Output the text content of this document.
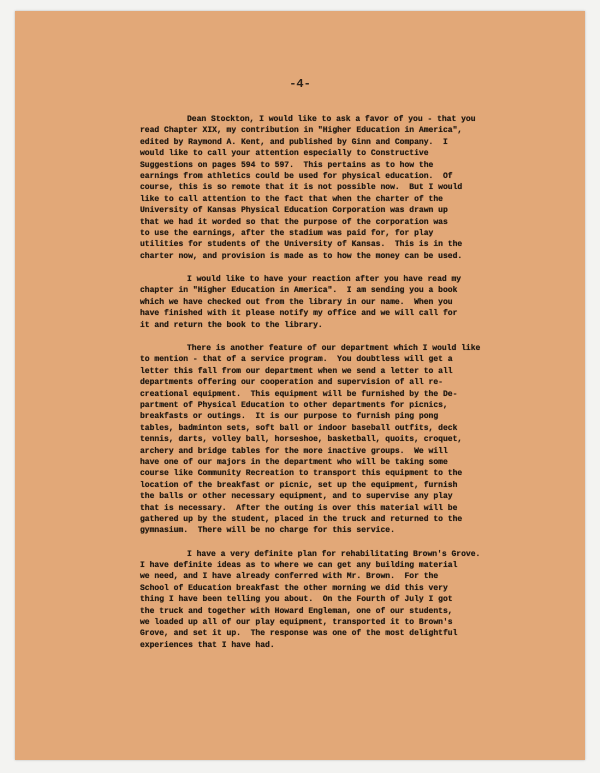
-4-
Dean Stockton, I would like to ask a favor of you - that you
read Chapter XIX, my contribution in "Higher Education in America",
edited by Raymond A. Kent, and published by Ginn and Company.  I
would like to call your attention especially to Constructive
Suggestions on pages 594 to 597.  This pertains as to how the
earnings from athletics could be used for physical education.  Of
course, this is so remote that it is not possible now.  But I would
like to call attention to the fact that when the charter of the
University of Kansas Physical Education Corporation was drawn up
that we had it worded so that the purpose of the corporation was
to use the earnings, after the stadium was paid for, for play
utilities for students of the University of Kansas.  This is in the
charter now, and provision is made as to how the money can be used.
I would like to have your reaction after you have read my
chapter in "Higher Education in America".  I am sending you a book
which we have checked out from the library in our name.  When you
have finished with it please notify my office and we will call for
it and return the book to the library.
There is another feature of our department which I would like
to mention - that of a service program.  You doubtless will get a
letter this fall from our department when we send a letter to all
departments offering our cooperation and supervision of all re-
creational equipment.  This equipment will be furnished by the De-
partment of Physical Education to other departments for picnics,
breakfasts or outings.  It is our purpose to furnish ping pong
tables, badminton sets, soft ball or indoor baseball outfits, deck
tennis, darts, volley ball, horseshoe, basketball, quoits, croquet,
archery and bridge tables for the more inactive groups.  We will
have one of our majors in the department who will be taking some
course like Community Recreation to transport this equipment to the
location of the breakfast or picnic, set up the equipment, furnish
the balls or other necessary equipment, and to supervise any play
that is necessary.  After the outing is over this material will be
gathered up by the student, placed in the truck and returned to the
gymnasium.  There will be no charge for this service.
I have a very definite plan for rehabilitating Brown's Grove.
I have definite ideas as to where we can get any building material
we need, and I have already conferred with Mr. Brown.  For the
School of Education breakfast the other morning we did this very
thing I have been telling you about.  On the Fourth of July I got
the truck and together with Howard Engleman, one of our students,
we loaded up all of our play equipment, transported it to Brown's
Grove, and set it up.  The response was one of the most delightful
experiences that I have had.
